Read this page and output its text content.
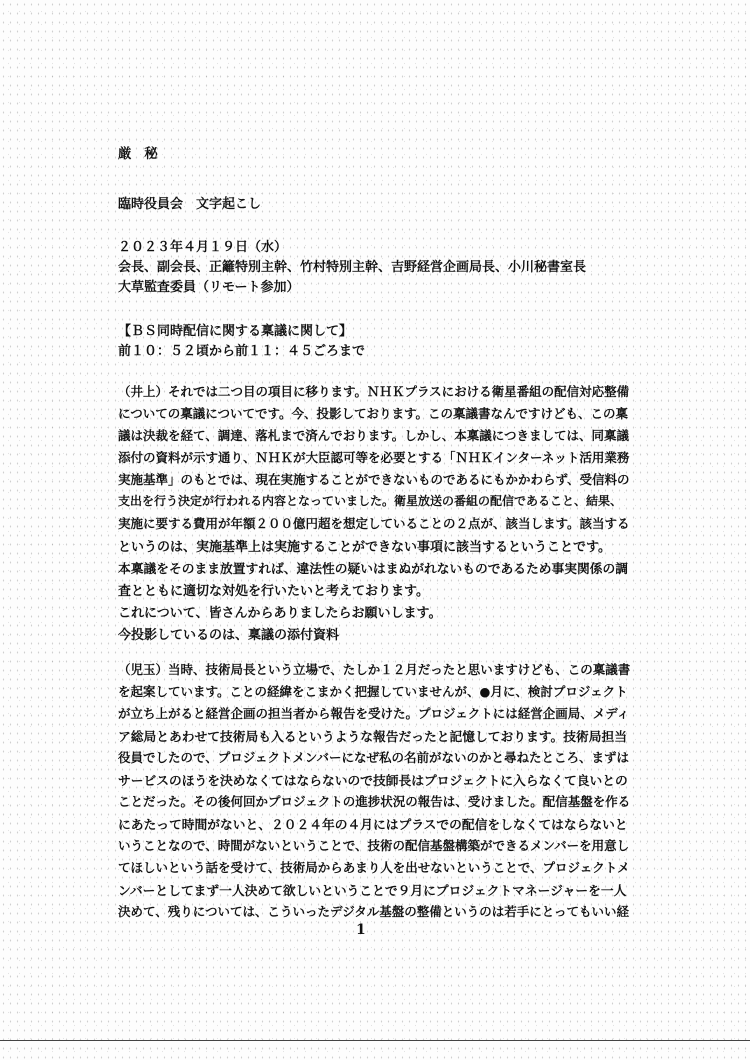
厳 秘
臨時役員会　文字起こし
２０２３年４月１９日（水）
会長、副会長、正籬特別主幹、竹村特別主幹、吉野経営企画局長、小川秘書室長
大草監査委員（リモート参加）
【ＢＳ同時配信に関する稟議に関して】
前１０：５２頃から前１１：４５ごろまで
（井上）それでは二つ目の項目に移ります。ＮＨＫプラスにおける衛星番組の配信対応整備
についての稟議についてです。今、投影しております。この稟議書なんですけども、この稟
議は決裁を経て、調達、落札まで済んでおります。しかし、本稟議につきましては、同稟議
添付の資料が示す通り、ＮＨＫが大臣認可等を必要とする「ＮＨＫインターネット活用業務
実施基準」のもとでは、現在実施することができないものであるにもかかわらず、受信料の
支出を行う決定が行われる内容となっていました。衛星放送の番組の配信であること、結果、
実施に要する費用が年額２００億円超を想定していることの２点が、該当します。該当する
というのは、実施基準上は実施することができない事項に該当するということです。
本稟議をそのまま放置すれば、違法性の疑いはまぬがれないものであるため事実関係の調
査とともに適切な対処を行いたいと考えております。
これについて、皆さんからありましたらお願いします。
今投影しているのは、稟議の添付資料
（児玉）当時、技術局長という立場で、たしか１２月だったと思いますけども、この稟議書
を起案しています。ことの経緯をこまかく把握していませんが、●月に、検討プロジェクト
が立ち上がると経営企画の担当者から報告を受けた。プロジェクトには経営企画局、メディ
ア総局とあわせて技術局も入るというような報告だったと記憶しております。技術局担当
役員でしたので、プロジェクトメンバーになぜ私の名前がないのかと尋ねたところ、まずは
サービスのほうを決めなくてはならないので技師長はプロジェクトに入らなくて良いとの
ことだった。その後何回かプロジェクトの進捗状況の報告は、受けました。配信基盤を作る
にあたって時間がないと、２０２４年の４月にはプラスでの配信をしなくてはならないと
いうことなので、時間がないということで、技術の配信基盤構築ができるメンバーを用意し
てほしいという話を受けて、技術局からあまり人を出せないということで、プロジェクトメ
ンバーとしてまず一人決めて欲しいということで９月にプロジェクトマネージャーを一人
決めて、残りについては、こういったデジタル基盤の整備というのは若手にとってもいい経
1
